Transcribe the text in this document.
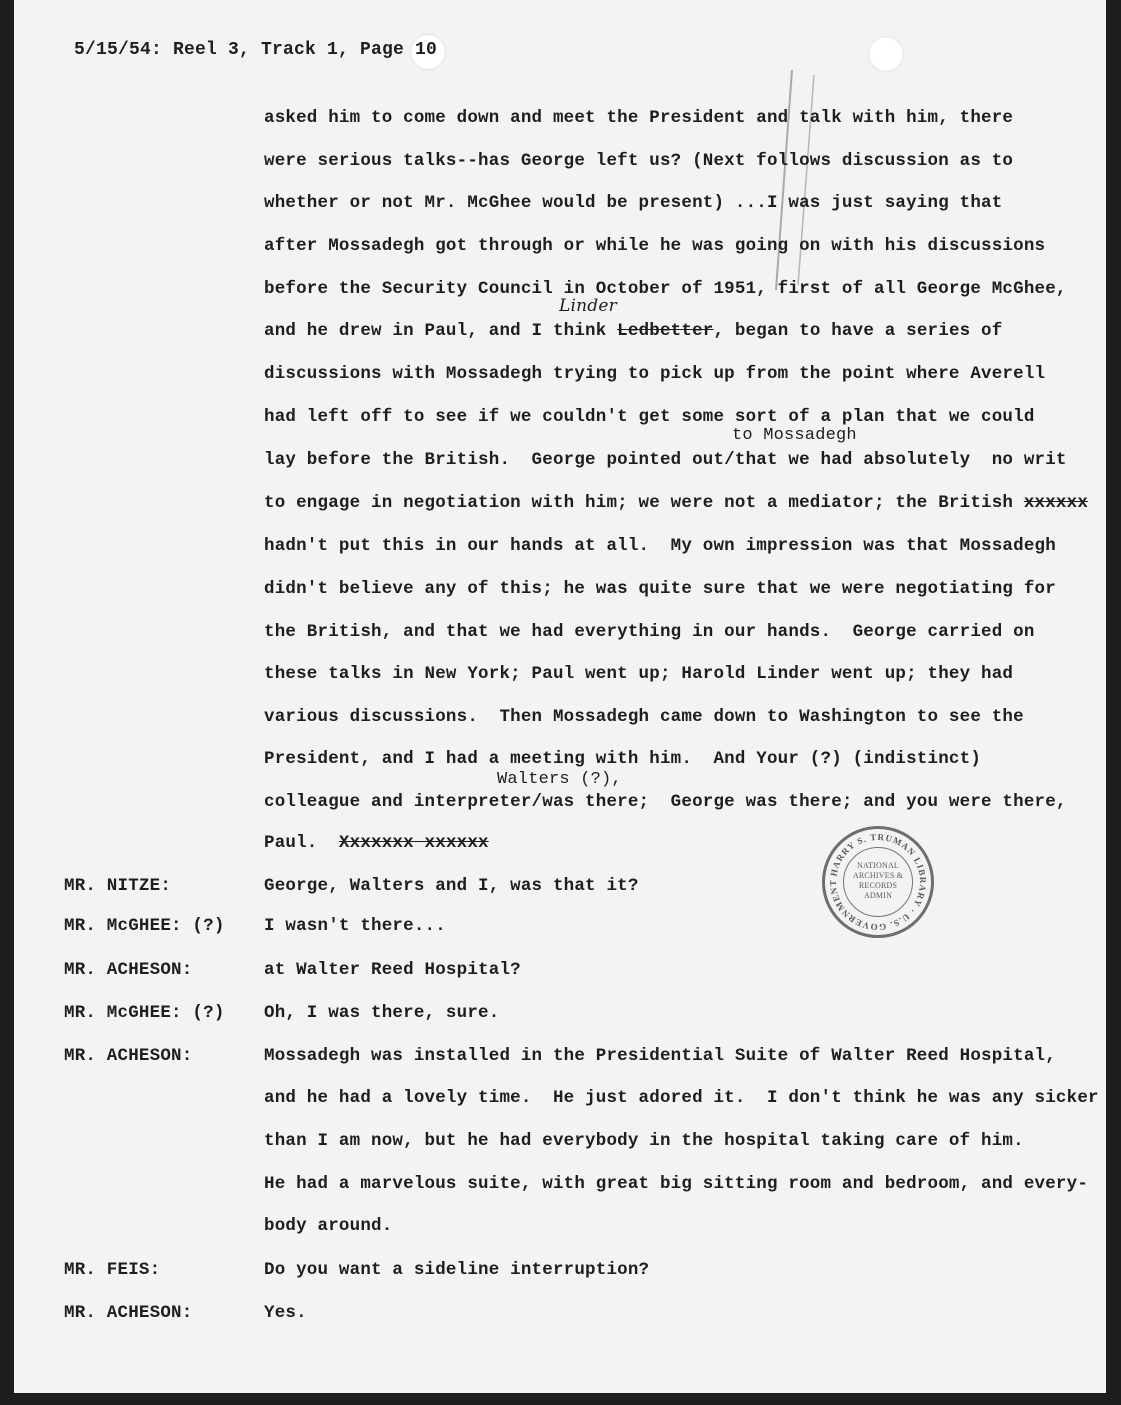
5/15/54: Reel 3, Track 1, Page 10
asked him to come down and meet the President and talk with him, there
were serious talks--has George left us? (Next follows discussion as to
whether or not Mr. McGhee would be present) ...I was just saying that
after Mossadegh got through or while he was going on with his discussions
before the Security Council in October of 1951, first of all George McGhee,
Linder
and he drew in Paul, and I think Ledbetter, began to have a series of
discussions with Mossadegh trying to pick up from the point where Averell
had left off to see if we couldn't get some sort of a plan that we could
to Mossadegh
lay before the British.  George pointed out/that we had absolutely  no writ
to engage in negotiation with him; we were not a mediator; the British xxxxxx
hadn't put this in our hands at all.  My own impression was that Mossadegh
didn't believe any of this; he was quite sure that we were negotiating for
the British, and that we had everything in our hands.  George carried on
these talks in New York; Paul went up; Harold Linder went up; they had
various discussions.  Then Mossadegh came down to Washington to see the
President, and I had a meeting with him.  And Your (?) (indistinct)
Walters (?),
colleague and interpreter/was there;  George was there; and you were there,
Paul.  Xxxxxxx xxxxxx
MR. NITZE:	George, Walters and I, was that it?
MR. McGHEE: (?) I wasn't there...
MR. ACHESON:	at Walter Reed Hospital?
MR. McGHEE: (?) Oh, I was there, sure.
MR. ACHESON:	Mossadegh was installed in the Presidential Suite of Walter Reed Hospital,
and he had a lovely time.  He just adored it.  I don't think he was any sicker
than I am now, but he had everybody in the hospital taking care of him.
He had a marvelous suite, with great big sitting room and bedroom, and every-
body around.
MR. FEIS:	Do you want a sideline interruption?
MR. ACHESON:	Yes.
HARRY S. TRUMAN LIBRARY · U.S. GOVERNMENT
NATIONAL
ARCHIVES &
RECORDS
ADMIN
